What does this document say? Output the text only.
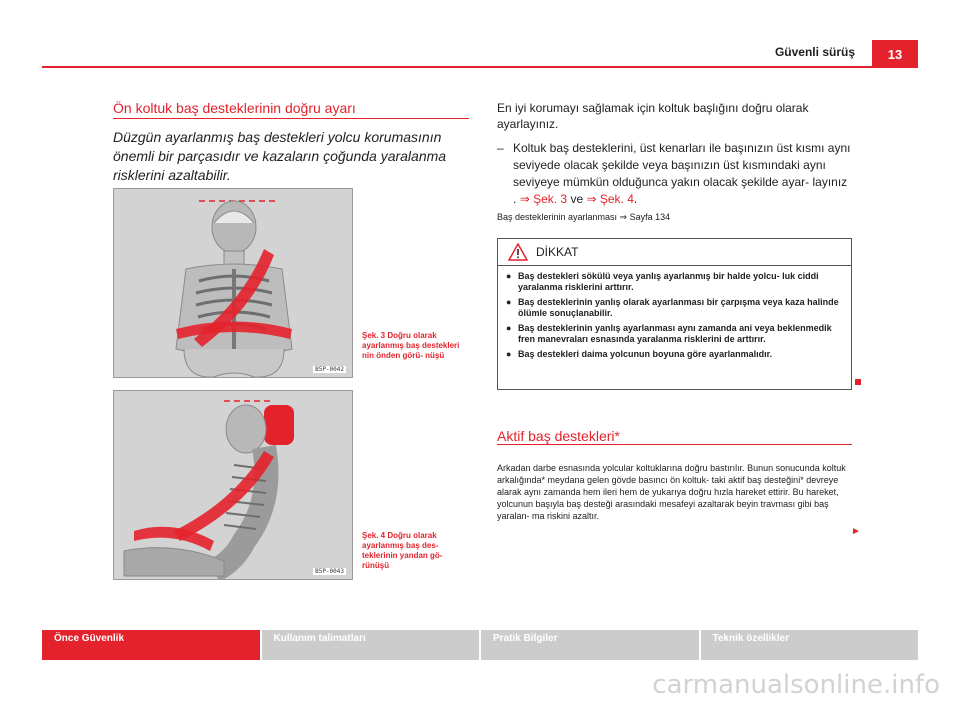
Güvenli sürüş	13
Ön koltuk baş desteklerinin doğru ayarı
Düzgün ayarlanmış baş destekleri yolcu korumasının önemli bir parçasıdır ve kazaların çoğunda yaralanma risklerini azaltabilir.
B5P-0042
Şek. 3 Doğru olarak ayarlanmış baş destekleri nin önden görü- nüşü
B5P-0043
Şek. 4 Doğru olarak ayarlanmış baş des- teklerinin yandan gö- rünüşü
En iyi korumayı sağlamak için koltuk başlığını doğru olarak ayarlayınız.
– Koltuk baş desteklerini, üst kenarları ile başınızın üst kısmı aynı seviyede olacak şekilde veya başınızın üst kısmındaki aynı seviyeye mümkün olduğunca yakın olacak şekilde ayar- layınız . ⇒ Şek. 3 ve ⇒ Şek. 4.
Baş desteklerinin ayarlanması ⇒ Sayfa 134
DİKKAT
● Baş destekleri sökülü veya yanlış ayarlanmış bir halde yolcu- luk ciddi yaralanma risklerini arttırır.
● Baş desteklerinin yanlış olarak ayarlanması bir çarpışma veya kaza halinde ölümle sonuçlanabilir.
● Baş desteklerinin yanlış ayarlanması aynı zamanda ani veya beklenmedik fren manevraları esnasında yaralanma risklerini de arttırır.
● Baş destekleri daima yolcunun boyuna göre ayarlanmalıdır.
Aktif baş destekleri*
Arkadan darbe esnasında yolcular koltuklarına doğru bastırılır. Bunun sonucunda koltuk arkalığında* meydana gelen gövde basıncı ön koltuk- taki aktif baş desteğini* devreye alarak aynı zamanda hem ileri hem de yukarıya doğru hızla hareket ettirir. Bu hareket, yolcunun başıyla baş desteği arasındaki mesafeyi azaltarak beyin travması gibi baş yaralan- ma riskini azaltır.
►
Önce Güvenlik	Kullanım talimatları	Pratik Bilgiler	Teknik özellikler
carmanualsonline.info
